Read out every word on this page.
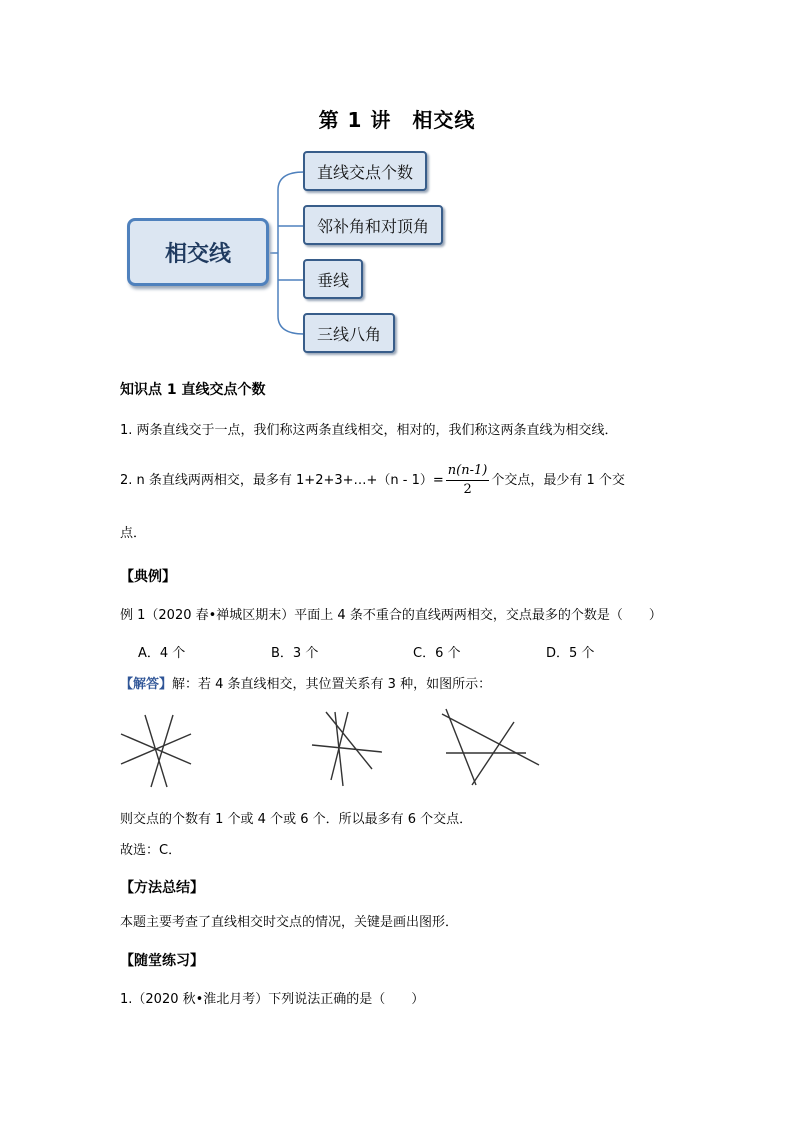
第 1 讲　相交线
相交线
直线交点个数
邻补角和对顶角
垂线
三线八角
知识点 1 直线交点个数
1. 两条直线交于一点，我们称这两条直线相交，相对的，我们称这两条直线为相交线．
2. n 条直线两两相交，最多有 1+2+3+…+（n - $1)= \frac{n(n-1)}{2}$ 个交点，最少有 1 个交
点．
【典例】
例 1（2020 春•禅城区期末）平面上 4 条不重合的直线两两相交，交点最多的个数是（　　）
A．4 个	B．3 个	C．6 个	D．5 个
【解答】解：若 4 条直线相交，其位置关系有 3 种，如图所示：
则交点的个数有 1 个或 4 个或 6 个．所以最多有 6 个交点．
故选：C．
【方法总结】
本题主要考查了直线相交时交点的情况，关键是画出图形．
【随堂练习】
1.（2020 秋•淮北月考）下列说法正确的是（　　）
